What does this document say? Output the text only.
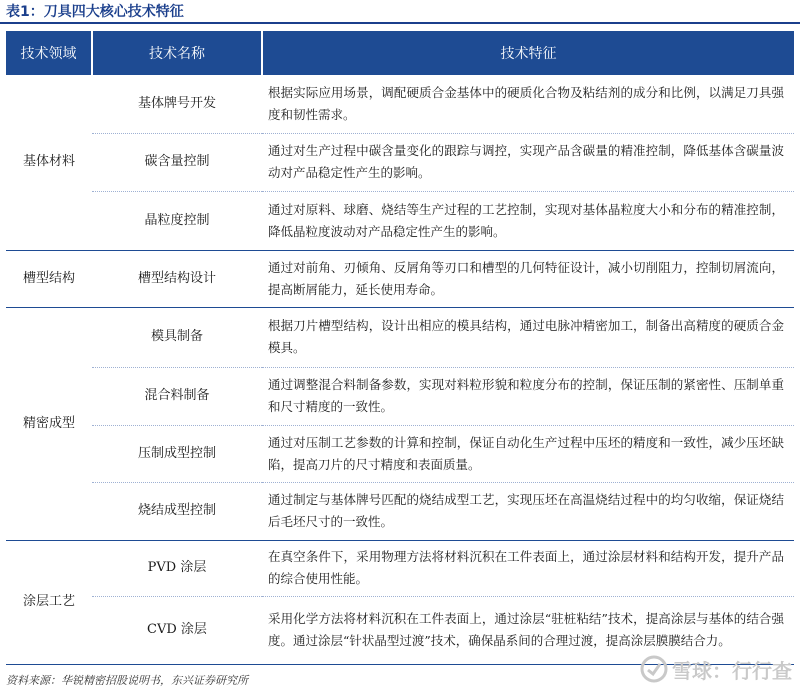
表1：刀具四大核心技术特征
技术领域	技术名称	技术特征
基体材料	基体牌号开发	根据实际应用场景，调配硬质合金基体中的硬质化合物及粘结剂的成分和比例，以满足刀具强度和韧性需求。
	碳含量控制	通过对生产过程中碳含量变化的跟踪与调控，实现产品含碳量的精准控制，降低基体含碳量波动对产品稳定性产生的影响。
	晶粒度控制	通过对原料、球磨、烧结等生产过程的工艺控制，实现对基体晶粒度大小和分布的精准控制，降低晶粒度波动对产品稳定性产生的影响。
槽型结构	槽型结构设计	通过对前角、刃倾角、反屑角等刃口和槽型的几何特征设计，减小切削阻力，控制切屑流向，提高断屑能力，延长使用寿命。
精密成型	模具制备	根据刀片槽型结构，设计出相应的模具结构，通过电脉冲精密加工，制备出高精度的硬质合金模具。
	混合料制备	通过调整混合料制备参数，实现对料粒形貌和粒度分布的控制，保证压制的紧密性、压制单重和尺寸精度的一致性。
	压制成型控制	通过对压制工艺参数的计算和控制，保证自动化生产过程中压坯的精度和一致性，减少压坯缺陷，提高刀片的尺寸精度和表面质量。
	烧结成型控制	通过制定与基体牌号匹配的烧结成型工艺，实现压坯在高温烧结过程中的均匀收缩，保证烧结后毛坯尺寸的一致性。
涂层工艺	PVD 涂层	在真空条件下，采用物理方法将材料沉积在工件表面上，通过涂层材料和结构开发，提升产品的综合使用性能。
	CVD 涂层	采用化学方法将材料沉积在工件表面上，通过涂层“驻桩粘结”技术，提高涂层与基体的结合强度。通过涂层“针状晶型过渡”技术，确保晶系间的合理过渡，提高涂层膜膜结合力。
资料来源：华锐精密招股说明书，东兴证券研究所	雪球：行行查
